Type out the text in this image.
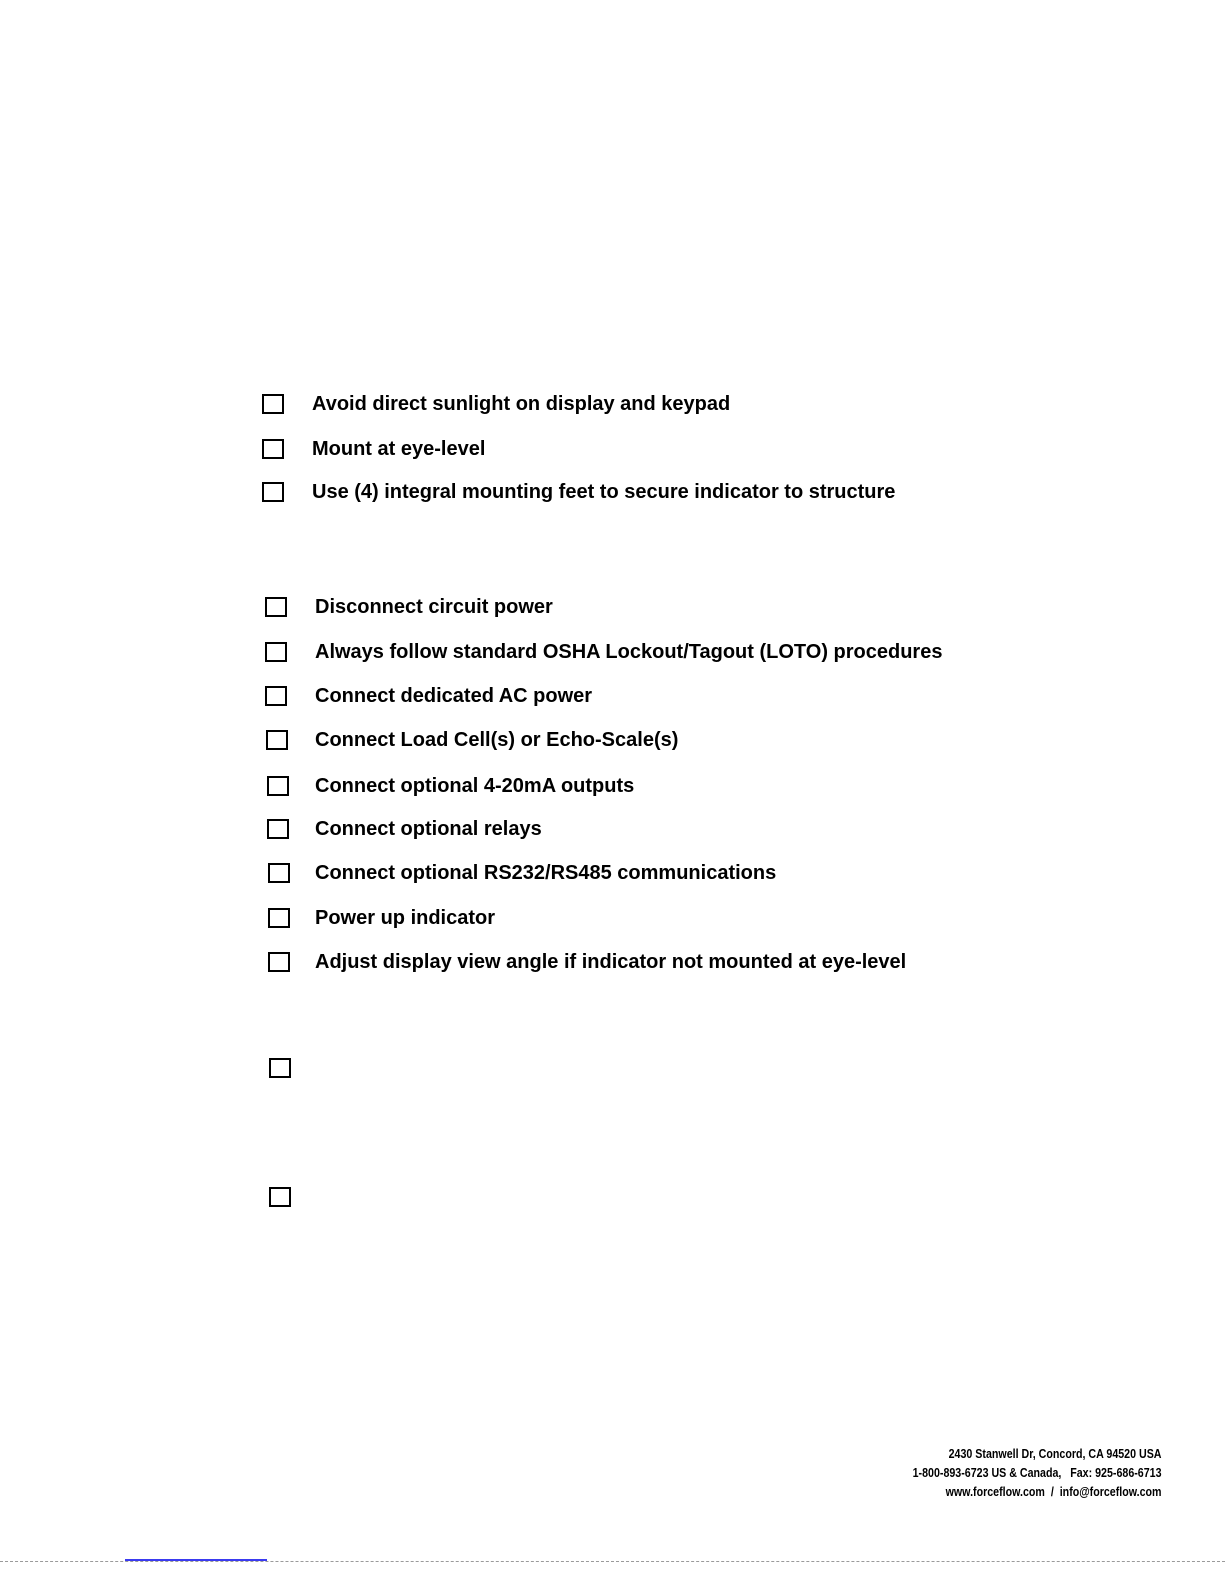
Avoid direct sunlight on display and keypad
Mount at eye-level
Use (4) integral mounting feet to secure indicator to structure
Disconnect circuit power
Always follow standard OSHA Lockout/Tagout (LOTO) procedures
Connect dedicated AC power
Connect Load Cell(s) or Echo-Scale(s)
Connect optional 4-20mA outputs
Connect optional relays
Connect optional RS232/RS485 communications
Power up indicator
Adjust display view angle if indicator not mounted at eye-level
2430 Stanwell Dr, Concord, CA 94520 USA
1-800-893-6723 US & Canada,   Fax: 925-686-6713
www.forceflow.com  /  info@forceflow.com
